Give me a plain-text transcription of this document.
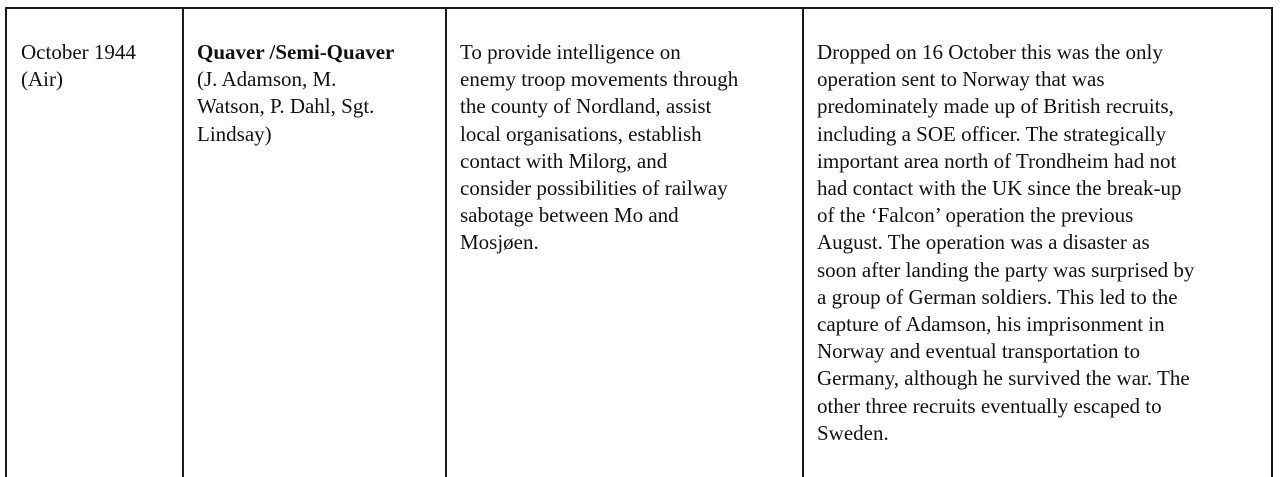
October 1944
(Air)
Quaver /Semi-Quaver
(J. Adamson, M.
Watson, P. Dahl, Sgt.
Lindsay)
To provide intelligence on
enemy troop movements through
the county of Nordland, assist
local organisations, establish
contact with Milorg, and
consider possibilities of railway
sabotage between Mo and
Mosjøen.
Dropped on 16 October this was the only
operation sent to Norway that was
predominately made up of British recruits,
including a SOE officer. The strategically
important area north of Trondheim had not
had contact with the UK since the break-up
of the ‘Falcon’ operation the previous
August. The operation was a disaster as
soon after landing the party was surprised by
a group of German soldiers. This led to the
capture of Adamson, his imprisonment in
Norway and eventual transportation to
Germany, although he survived the war. The
other three recruits eventually escaped to
Sweden.
